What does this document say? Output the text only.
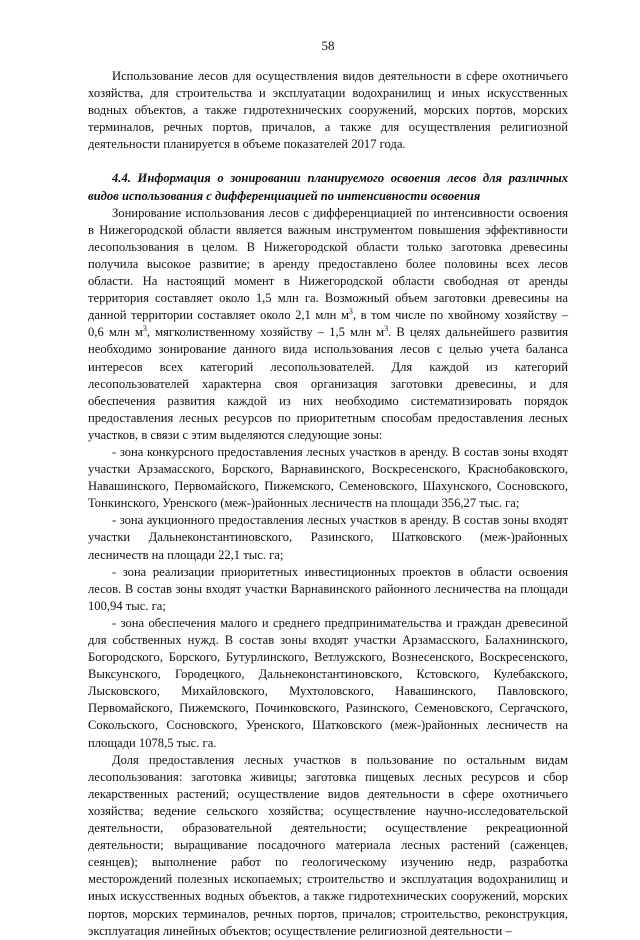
58

Использование лесов для осуществления видов деятельности в сфере охотничьего хозяйства, для строительства и эксплуатации водохранилищ и иных искусственных водных объектов, а также гидротехнических сооружений, морских портов, морских терминалов, речных портов, причалов, а также для осуществления религиозной деятельности планируется в объеме показателей 2017 года.

4.4. Информация о зонировании планируемого освоения лесов для различных видов использования с дифференциацией по интенсивности освоения

Зонирование использования лесов с дифференциацией по интенсивности освоения в Нижегородской области является важным инструментом повышения эффективности лесопользования в целом. В Нижегородской области только заготовка древесины получила высокое развитие; в аренду предоставлено более половины всех лесов области. На настоящий момент в Нижегородской области свободная от аренды территория составляет около 1,5 млн га. Возможный объем заготовки древесины на данной территории составляет около 2,1 млн $м^3$, в том числе по хвойному хозяйству – 0,6 млн $м^3$, мягколиственному хозяйству – 1,5 млн $м^3$. В целях дальнейшего развития необходимо зонирование данного вида использования лесов с целью учета баланса интересов всех категорий лесопользователей. Для каждой из категорий лесопользователей характерна своя организация заготовки древесины, и для обеспечения развития каждой из них необходимо систематизировать порядок предоставления лесных ресурсов по приоритетным способам предоставления лесных участков, в связи с этим выделяются следующие зоны:

- зона конкурсного предоставления лесных участков в аренду. В состав зоны входят участки Арзамасского, Борского, Варнавинского, Воскресенского, Краснобаковского, Навашинского, Первомайского, Пижемского, Семеновского, Шахунского, Сосновского, Тонкинского, Уренского (меж-)районных лесничеств на площади 356,27 тыс. га;

- зона аукционного предоставления лесных участков в аренду. В состав зоны входят участки Дальнеконстантиновского, Разинского, Шатковского (меж-)районных лесничеств на площади 22,1 тыс. га;

- зона реализации приоритетных инвестиционных проектов в области освоения лесов. В состав зоны входят участки Варнавинского районного лесничества на площади 100,94 тыс. га;

- зона обеспечения малого и среднего предпринимательства и граждан древесиной для собственных нужд. В состав зоны входят участки Арзамасского, Балахнинского, Богородского, Борского, Бутурлинского, Ветлужского, Вознесенского, Воскресенского, Выксунского, Городецкого, Дальнеконстантиновского, Кстовского, Кулебакского, Лысковского, Михайловского, Мухтоловского, Навашинского, Павловского, Первомайского, Пижемского, Починковского, Разинского, Семеновского, Сергачского, Сокольского, Сосновского, Уренского, Шатковского (меж-)районных лесничеств на площади 1078,5 тыс. га.

Доля предоставления лесных участков в пользование по остальным видам лесопользования: заготовка живицы; заготовка пищевых лесных ресурсов и сбор лекарственных растений; осуществление видов деятельности в сфере охотничьего хозяйства; ведение сельского хозяйства; осуществление научно-исследовательской деятельности, образовательной деятельности; осуществление рекреационной деятельности; выращивание посадочного материала лесных растений (саженцев, сеянцев); выполнение работ по геологическому изучению недр, разработка месторождений полезных ископаемых; строительство и эксплуатация водохранилищ и иных искусственных водных объектов, а также гидротехнических сооружений, морских портов, морских терминалов, речных портов, причалов; строительство, реконструкция, эксплуатация линейных объектов; осуществление религиозной деятельности –
